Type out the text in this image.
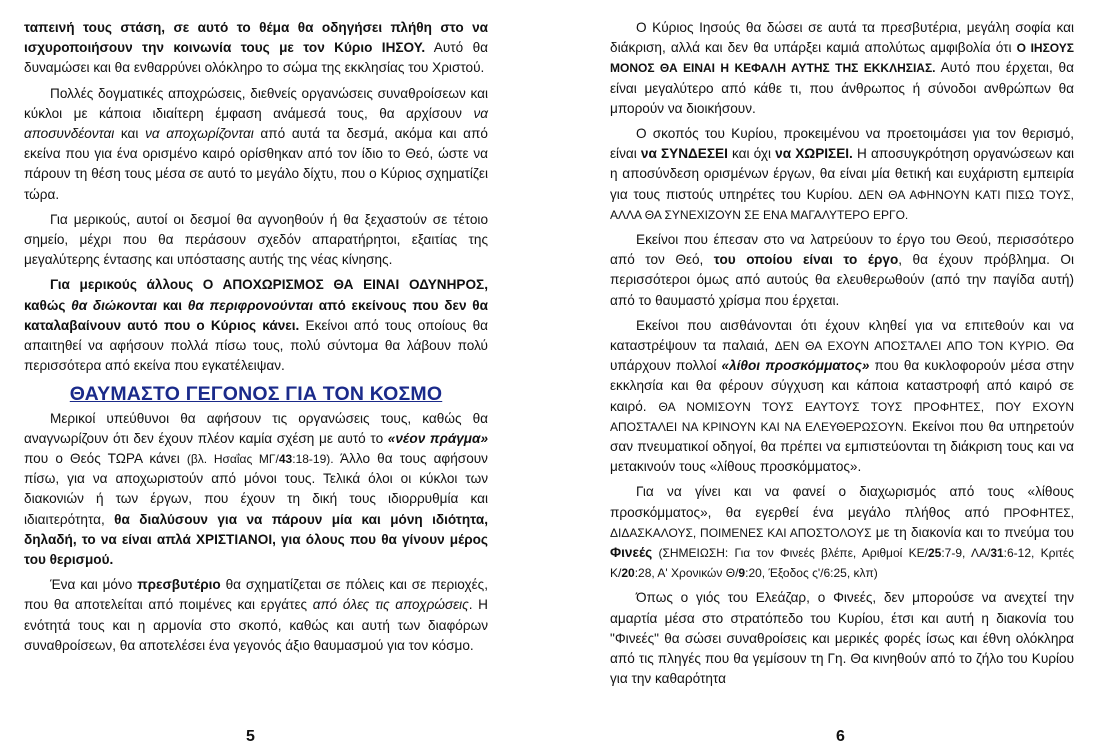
ταπεινή τους στάση, σε αυτό το θέμα θα οδηγήσει πλήθη στο να ισχυροποιήσουν την κοινωνία τους με τον Κύριο ΙΗΣΟΥ. Αυτό θα δυναμώσει και θα ενθαρρύνει ολόκληρο το σώμα της εκκλησίας του Χριστού.

Πολλές δογματικές αποχρώσεις, διεθνείς οργανώσεις συναθροίσεων και κύκλοι με κάποια ιδιαίτερη έμφαση ανάμεσά τους, θα αρχίσουν να αποσυνδέονται και να αποχωρίζονται από αυτά τα δεσμά, ακόμα και από εκείνα που για ένα ορισμένο καιρό ορίσθηκαν από τον ίδιο το Θεό, ώστε να πάρουν τη θέση τους μέσα σε αυτό το μεγάλο δίχτυ, που ο Κύριος σχηματίζει τώρα.

Για μερικούς, αυτοί οι δεσμοί θα αγνοηθούν ή θα ξεχαστούν σε τέτοιο σημείο, μέχρι που θα περάσουν σχεδόν απαρατήρητοι, εξαιτίας της μεγαλύτερης έντασης και υπόστασης αυτής της νέας κίνησης.

Για μερικούς άλλους Ο ΑΠΟΧΩΡΙΣΜΟΣ ΘΑ ΕΙΝΑΙ ΟΔΥΝΗΡΟΣ, καθώς θα διώκονται και θα περιφρονούνται από εκείνους που δεν θα καταλαβαίνουν αυτό που ο Κύριος κάνει. Εκείνοι από τους οποίους θα απαιτηθεί να αφήσουν πολλά πίσω τους, πολύ σύντομα θα λάβουν πολύ περισσότερα από εκείνα που εγκατέλειψαν.

ΘΑΥΜΑΣΤΟ ΓΕΓΟΝΟΣ ΓΙΑ ΤΟΝ ΚΟΣΜΟ

Μερικοί υπεύθυνοι θα αφήσουν τις οργανώσεις τους, καθώς θα αναγνωρίζουν ότι δεν έχουν πλέον καμία σχέση με αυτό το «νέον πράγμα» που ο Θεός ΤΩΡΑ κάνει (βλ. Ησαΐας ΜΓ/43:18-19). Άλλο θα τους αφήσουν πίσω, για να αποχωριστούν από μόνοι τους. Τελικά όλοι οι κύκλοι των διακονιών ή των έργων, που έχουν τη δική τους ιδιορρυθμία και ιδιαιτερότητα, θα διαλύσουν για να πάρουν μία και μόνη ιδιότητα, δηλαδή, το να είναι απλά ΧΡΙΣΤΙΑΝΟΙ, για όλους που θα γίνουν μέρος του θερισμού.

Ένα και μόνο πρεσβυτέριο θα σχηματίζεται σε πόλεις και σε περιοχές, που θα αποτελείται από ποιμένες και εργάτες από όλες τις αποχρώσεις. Η ενότητά τους και η αρμονία στο σκοπό, καθώς και αυτή των διαφόρων συναθροίσεων, θα αποτελέσει ένα γεγονός άξιο θαυμασμού για τον κόσμο.

5

Ο Κύριος Ιησούς θα δώσει σε αυτά τα πρεσβυτέρια, μεγάλη σοφία και διάκριση, αλλά και δεν θα υπάρξει καμιά απολύτως αμφιβολία ότι Ο ΙΗΣΟΥΣ ΜΟΝΟΣ ΘΑ ΕΙΝΑΙ Η ΚΕΦΑΛΗ ΑΥΤΗΣ ΤΗΣ ΕΚΚΛΗΣΙΑΣ. Αυτό που έρχεται, θα είναι μεγαλύτερο από κάθε τι, που άνθρωπος ή σύνοδοι ανθρώπων θα μπορούν να διοικήσουν.

Ο σκοπός του Κυρίου, προκειμένου να προετοιμάσει για τον θερισμό, είναι να ΣΥΝΔΕΣΕΙ και όχι να ΧΩΡΙΣΕΙ. Η αποσυγκρότηση οργανώσεων και η αποσύνδεση ορισμένων έργων, θα είναι μία θετική και ευχάριστη εμπειρία για τους πιστούς υπηρέτες του Κυρίου. ΔΕΝ ΘΑ ΑΦΗΝΟΥΝ ΚΑΤΙ ΠΙΣΩ ΤΟΥΣ, ΑΛΛΑ ΘΑ ΣΥΝΕΧΙΖΟΥΝ ΣΕ ΕΝΑ ΜΑΓΑΛΥΤΕΡΟ ΕΡΓΟ.

Εκείνοι που έπεσαν στο να λατρεύουν το έργο του Θεού, περισσότερο από τον Θεό, του οποίου είναι το έργο, θα έχουν πρόβλημα. Οι περισσότεροι όμως από αυτούς θα ελευθερωθούν (από την παγίδα αυτή) από το θαυμαστό χρίσμα που έρχεται.

Εκείνοι που αισθάνονται ότι έχουν κληθεί για να επιτεθούν και να καταστρέψουν τα παλαιά, ΔΕΝ ΘΑ ΕΧΟΥΝ ΑΠΟΣΤΑΛΕΙ ΑΠΟ ΤΟΝ ΚΥΡΙΟ. Θα υπάρχουν πολλοί «λίθοι προσκόμματος» που θα κυκλοφορούν μέσα στην εκκλησία και θα φέρουν σύγχυση και κάποια καταστροφή από καιρό σε καιρό. ΘΑ ΝΟΜΙΣΟΥΝ ΤΟΥΣ ΕΑΥΤΟΥΣ ΤΟΥΣ ΠΡΟΦΗΤΕΣ, ΠΟΥ ΕΧΟΥΝ ΑΠΟΣΤΑΛΕΙ ΝΑ ΚΡΙΝΟΥΝ ΚΑΙ ΝΑ ΕΛΕΥΘΕΡΩΣΟΥΝ. Εκείνοι που θα υπηρετούν σαν πνευματικοί οδηγοί, θα πρέπει να εμπιστεύονται τη διάκριση τους και να μετακινούν τους «λίθους προσκόμματος».

Για να γίνει και να φανεί ο διαχωρισμός από τους «λίθους προσκόμματος», θα εγερθεί ένα μεγάλο πλήθος από ΠΡΟΦΗΤΕΣ, ΔΙΔΑΣΚΑΛΟΥΣ, ΠΟΙΜΕΝΕΣ ΚΑΙ ΑΠΟΣΤΟΛΟΥΣ με τη διακονία και το πνεύμα του Φινεές (ΣΗΜΕΙΩΣΗ: Για τον Φινεές βλέπε, Αριθμοί ΚΕ/25:7-9, ΛΑ/31:6-12, Κριτές Κ/20:28, Α' Χρονικών Θ/9:20, Έξοδος ς'/6:25, κλπ)

Όπως ο γιός του Ελεάζαρ, ο Φινεές, δεν μπορούσε να ανεχτεί την αμαρτία μέσα στο στρατόπεδο του Κυρίου, έτσι και αυτή η διακονία του "Φινεές" θα σώσει συναθροίσεις και μερικές φορές ίσως και έθνη ολόκληρα από τις πληγές που θα γεμίσουν τη Γη. Θα κινηθούν από το ζήλο του Κυρίου για την καθαρότητα

6
